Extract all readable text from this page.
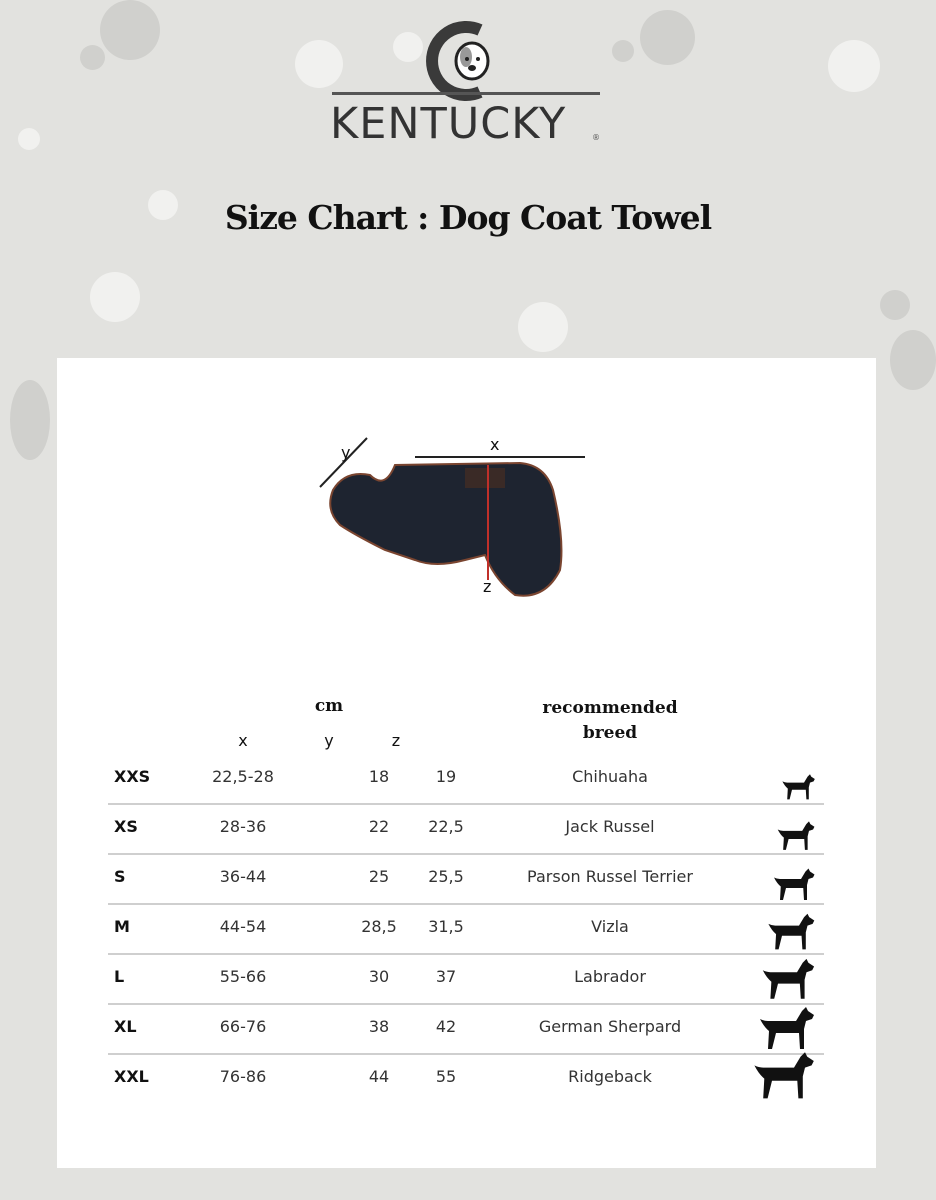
KENTUCKY	®
Size Chart : Dog Coat Towel
y	x
z
cm	recommended breed
x	y	z
XXS	22,5-28	18	19	Chihuaha
XS	28-36	22	22,5	Jack Russel
S	36-44	25	25,5	Parson Russel Terrier
M	44-54	28,5	31,5	Vizla
L	55-66	30	37	Labrador
XL	66-76	38	42	German Sherpard
XXL	76-86	44	55	Ridgeback
